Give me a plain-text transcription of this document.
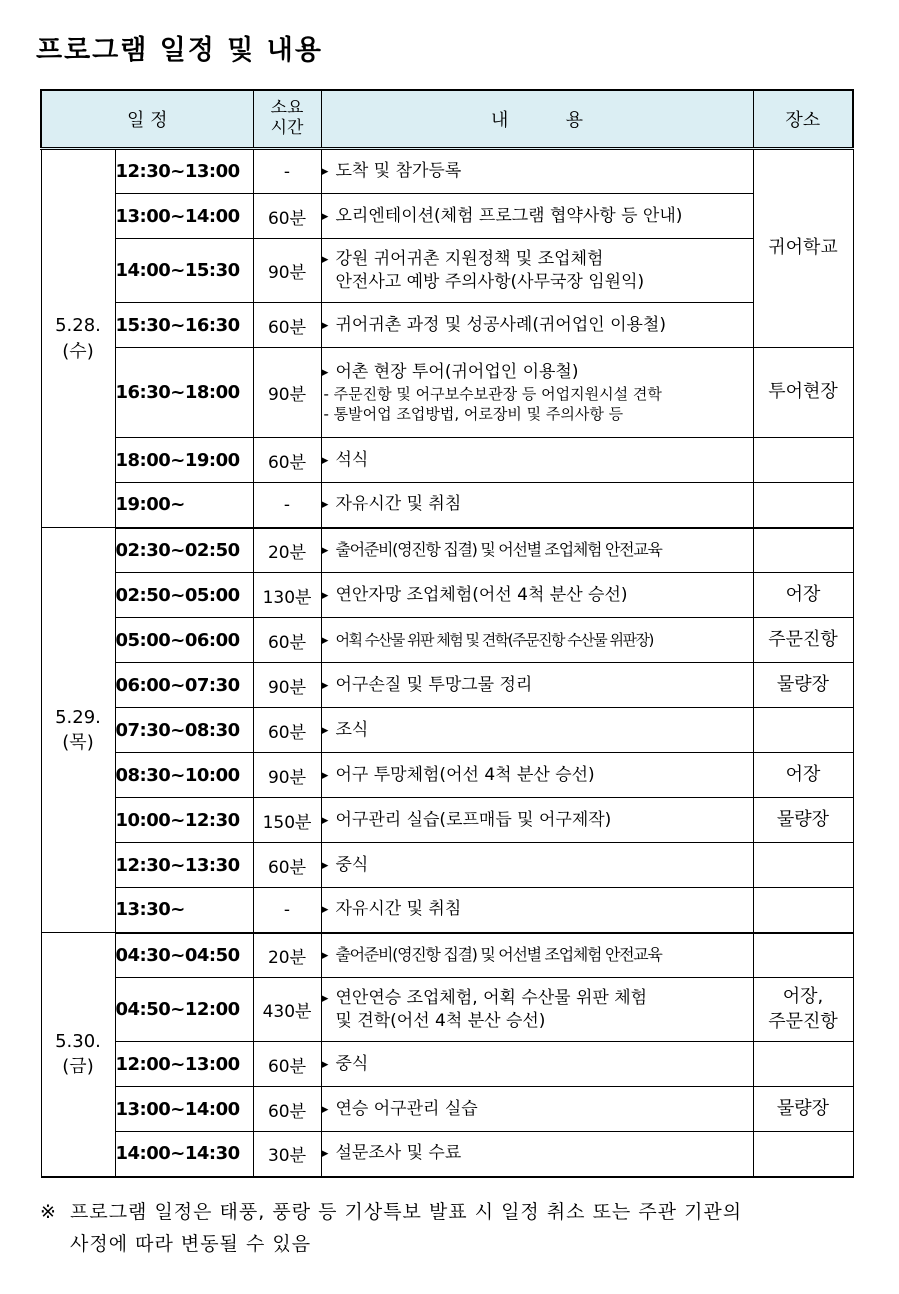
프로그램 일정 및 내용
일 정		소요
시간	내          용	장소

5.28.
(수)	12:30~13:00	-	▶ 도착 및 참가등록	귀어학교
	13:00~14:00	60분	▶ 오리엔테이션(체험 프로그램 협약사항 등 안내)	
	14:00~15:30	90분	▶ 강원 귀어귀촌 지원정책 및 조업체험
안전사고 예방 주의사항(사무국장 임원익)	

	15:30~16:30	60분	▶ 귀어귀촌 과정 및 성공사례(귀어업인 이용철)	
	16:30~18:00	90분	▶ 어촌 현장 투어(귀어업인 이용철)
- 주문진항 및 어구보수보관장 등 어업지원시설 견학
- 통발어업 조업방법, 어로장비 및 주의사항 등	투어현장
	18:00~19:00	60분	▶ 석식	
	19:00~	-	▶ 자유시간 및 취침	

5.29.
(목)	02:30~02:50	20분	▶ 출어준비(영진항 집결) 및 어선별 조업체험 안전교육	
	02:50~05:00	130분	▶ 연안자망 조업체험(어선 4척 분산 승선)	어장
	05:00~06:00	60분	▶ 어획 수산물 위판 체험 및 견학(주문진항 수산물 위판장)	주문진항
	06:00~07:30	90분	▶ 어구손질 및 투망그물 정리	물량장
	07:30~08:30	60분	▶ 조식	
	08:30~10:00	90분	▶ 어구 투망체험(어선 4척 분산 승선)	어장
	10:00~12:30	150분	▶ 어구관리 실습(로프매듭 및 어구제작)	물량장
	12:30~13:30	60분	▶ 중식	
	13:30~	-	▶ 자유시간 및 취침	

5.30.
(금)	04:30~04:50	20분	▶ 출어준비(영진항 집결) 및 어선별 조업체험 안전교육	
	04:50~12:00	430분	▶ 연안연승 조업체험, 어획 수산물 위판 체험
및 견학(어선 4척 분산 승선)	어장,
주문진항
	12:00~13:00	60분	▶ 중식	
	13:00~14:00	60분	▶ 연승 어구관리 실습	물량장
	14:00~14:30	30분	▶ 설문조사 및 수료	
※ 프로그램 일정은 태풍, 풍랑 등 기상특보 발표 시 일정 취소 또는 주관 기관의
사정에 따라 변동될 수 있음
